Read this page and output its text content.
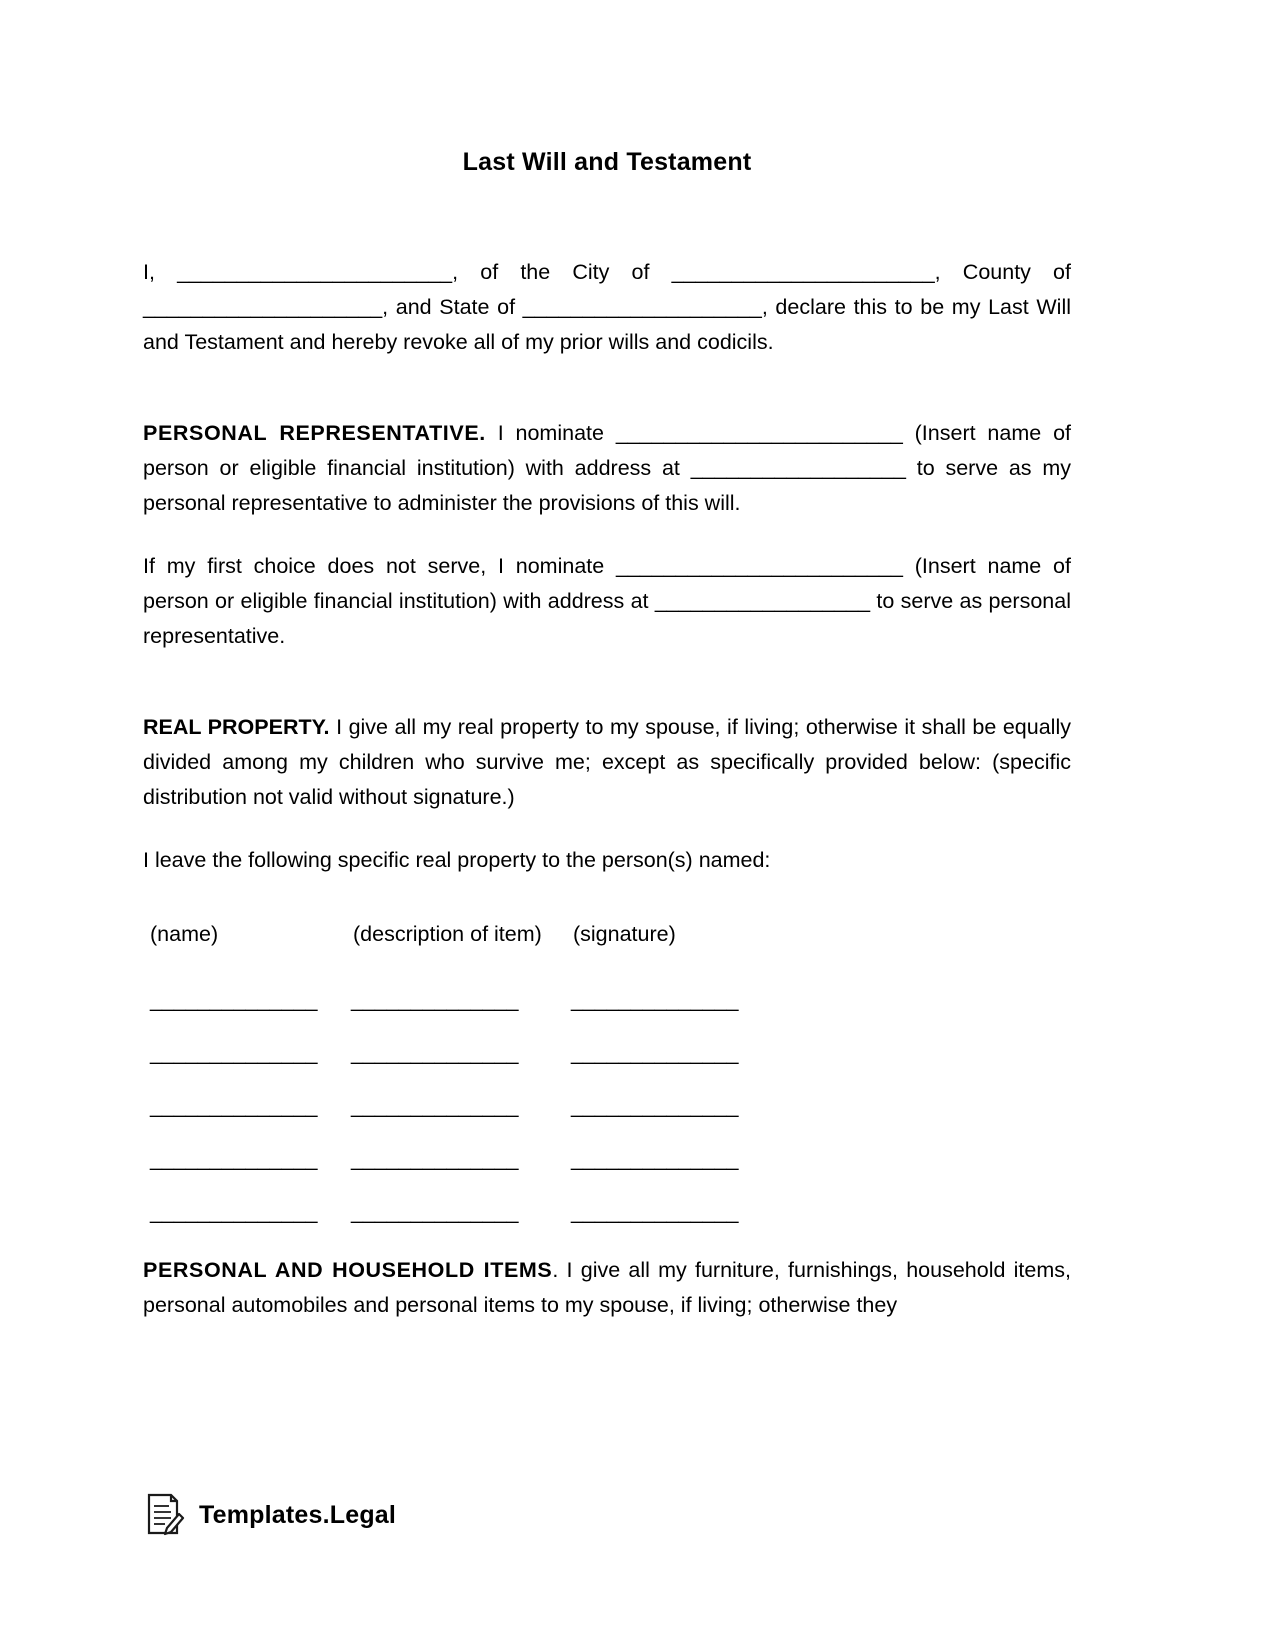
Last Will and Testament

I, _______________________, of the City of ______________________, County of ____________________, and State of ____________________, declare this to be my Last Will and Testament and hereby revoke all of my prior wills and codicils.

PERSONAL REPRESENTATIVE. I nominate ________________________ (Insert name of person or eligible financial institution) with address at __________________ to serve as my personal representative to administer the provisions of this will.

If my first choice does not serve, I nominate ________________________ (Insert name of person or eligible financial institution) with address at __________________ to serve as personal representative.

REAL PROPERTY. I give all my real property to my spouse, if living; otherwise it shall be equally divided among my children who survive me; except as specifically provided below: (specific distribution not valid without signature.)

I leave the following specific real property to the person(s) named:

(name)	(description of item) (signature)
______________ ______________ ______________
______________ ______________ ______________
______________ ______________ ______________
______________ ______________ ______________
______________ ______________ ______________

PERSONAL AND HOUSEHOLD ITEMS. I give all my furniture, furnishings, household items, personal automobiles and personal items to my spouse, if living; otherwise they

Templates.Legal
